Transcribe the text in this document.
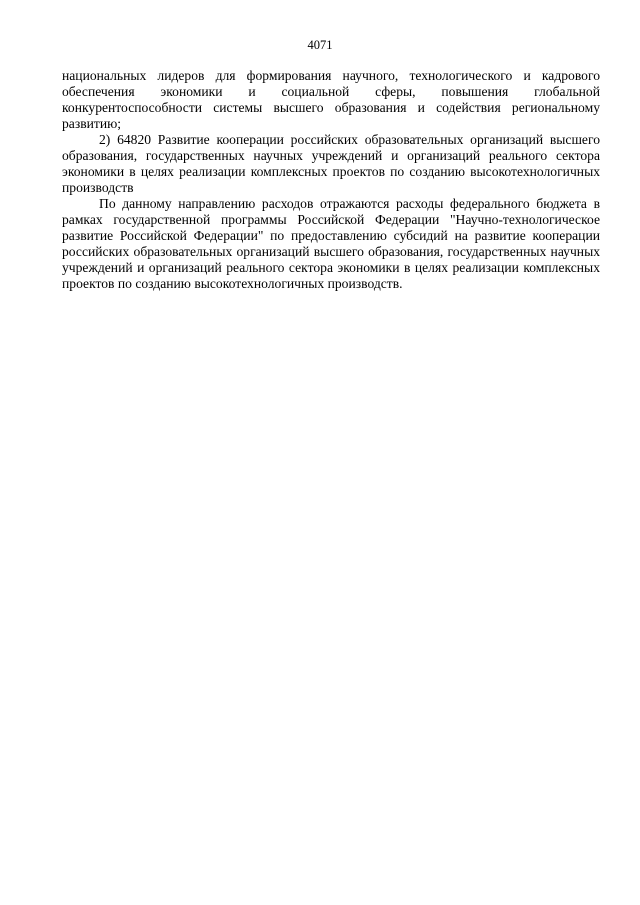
4071

национальных лидеров для формирования научного, технологического и кадрового обеспечения экономики и социальной сферы, повышения глобальной конкурентоспособности системы высшего образования и содействия региональному развитию;

2) 64820 Развитие кооперации российских образовательных организаций высшего образования, государственных научных учреждений и организаций реального сектора экономики в целях реализации комплексных проектов по созданию высокотехнологичных производств

По данному направлению расходов отражаются расходы федерального бюджета в рамках государственной программы Российской Федерации "Научно-технологическое развитие Российской Федерации" по предоставлению субсидий на развитие кооперации российских образовательных организаций высшего образования, государственных научных учреждений и организаций реального сектора экономики в целях реализации комплексных проектов по созданию высокотехнологичных производств.
